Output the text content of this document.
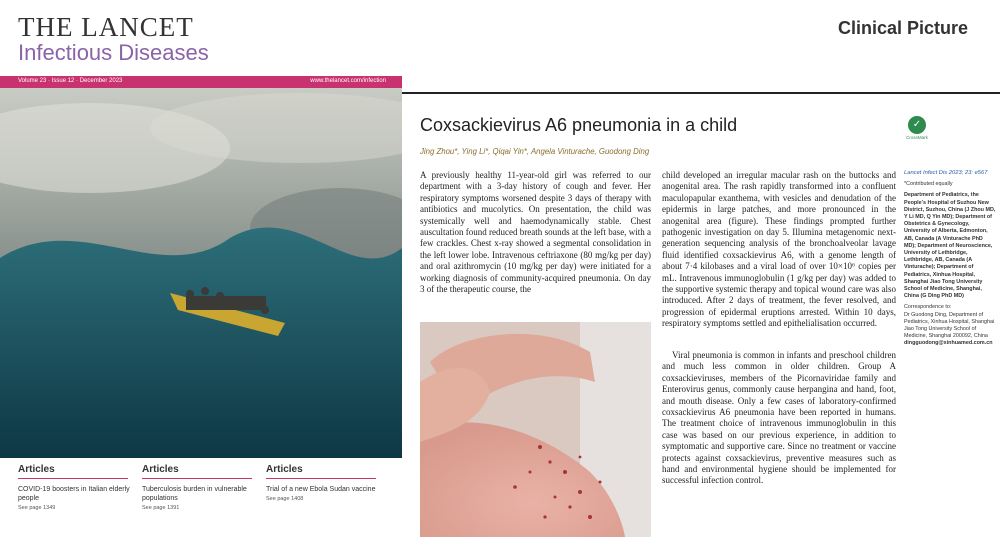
THE LANCET
Infectious Diseases
Volume 23 · Issue 12 · December 2023	www.thelancet.com/infection
Articles
COVID-19 boosters in Italian elderly people
See page 1349
Articles
Tuberculosis burden in vulnerable populations
See page 1391
Articles
Trial of a new Ebola Sudan vaccine
See page 1408
Clinical Picture
Coxsackievirus A6 pneumonia in a child
Jing Zhou*, Ying Li*, Qiqai Yin*, Angela Vinturache, Guodong Ding
✓
CrossMark

A previously healthy 11-year-old girl was referred to our department with a 3-day history of cough and fever. Her respiratory symptoms worsened despite 3 days of therapy with antibiotics and mucolytics. On presentation, the child was systemically well and haemodynamically stable. Chest auscultation found reduced breath sounds at the left base, with a few crackles. Chest x-ray showed a segmental consolidation in the left lower lobe. Intravenous ceftriaxone (80 mg/kg per day) and oral azithromycin (10 mg/kg per day) were initiated for a working diagnosis of community-acquired pneumonia. On day 3 of the therapeutic course, the

child developed an irregular macular rash on the buttocks and anogenital area. The rash rapidly transformed into a confluent maculopapular exanthema, with vesicles and denudation of the epidermis in large patches, and more pronounced in the anogenital area (figure). These findings prompted further pathogenic investigation on day 5. Illumina metagenomic next-generation sequencing analysis of the bronchoalveolar lavage fluid identified coxsackievirus A6, with a genome length of about 7·4 kilobases and a viral load of over 10×10⁶ copies per mL. Intravenous immunoglobulin (1 g/kg per day) was added to the supportive systemic therapy and topical wound care was also introduced. After 2 days of treatment, the fever resolved, and progression of epidermal eruptions arrested. Within 10 days, respiratory symptoms settled and epithelialisation occurred.

Viral pneumonia is common in infants and preschool children and much less common in older children. Group A coxsackieviruses, members of the Picornaviridae family and Enterovirus genus, commonly cause herpangina and hand, foot, and mouth disease. Only a few cases of laboratory-confirmed coxsackievirus A6 pneumonia have been reported in humans. The treatment choice of intravenous immunoglobulin in this case was based on our previous experience, in addition to symptomatic and supportive care. Since no treatment or vaccine protects against coxsackievirus, preventive measures such as hand and environmental hygiene should be implemented for successful infection control.

Lancet Infect Dis 2023; 23: e567
*Contributed equally
Department of Pediatrics, the People's Hospital of Suzhou New District, Suzhou, China (J Zhou MD, Y Li MD, Q Yin MD); Department of Obstetrics & Gynecology, University of Alberta, Edmonton, AB, Canada (A Vinturache PhD MD); Department of Neuroscience, University of Lethbridge, Lethbridge, AB, Canada (A Vinturache); Department of Pediatrics, Xinhua Hospital, Shanghai Jiao Tong University School of Medicine, Shanghai, China (G Ding PhD MD)
Correspondence to:
Dr Guodong Ding, Department of Pediatrics, Xinhua Hospital, Shanghai Jiao Tong University School of Medicine, Shanghai 200092, China
dingguodong@xinhuamed.com.cn
